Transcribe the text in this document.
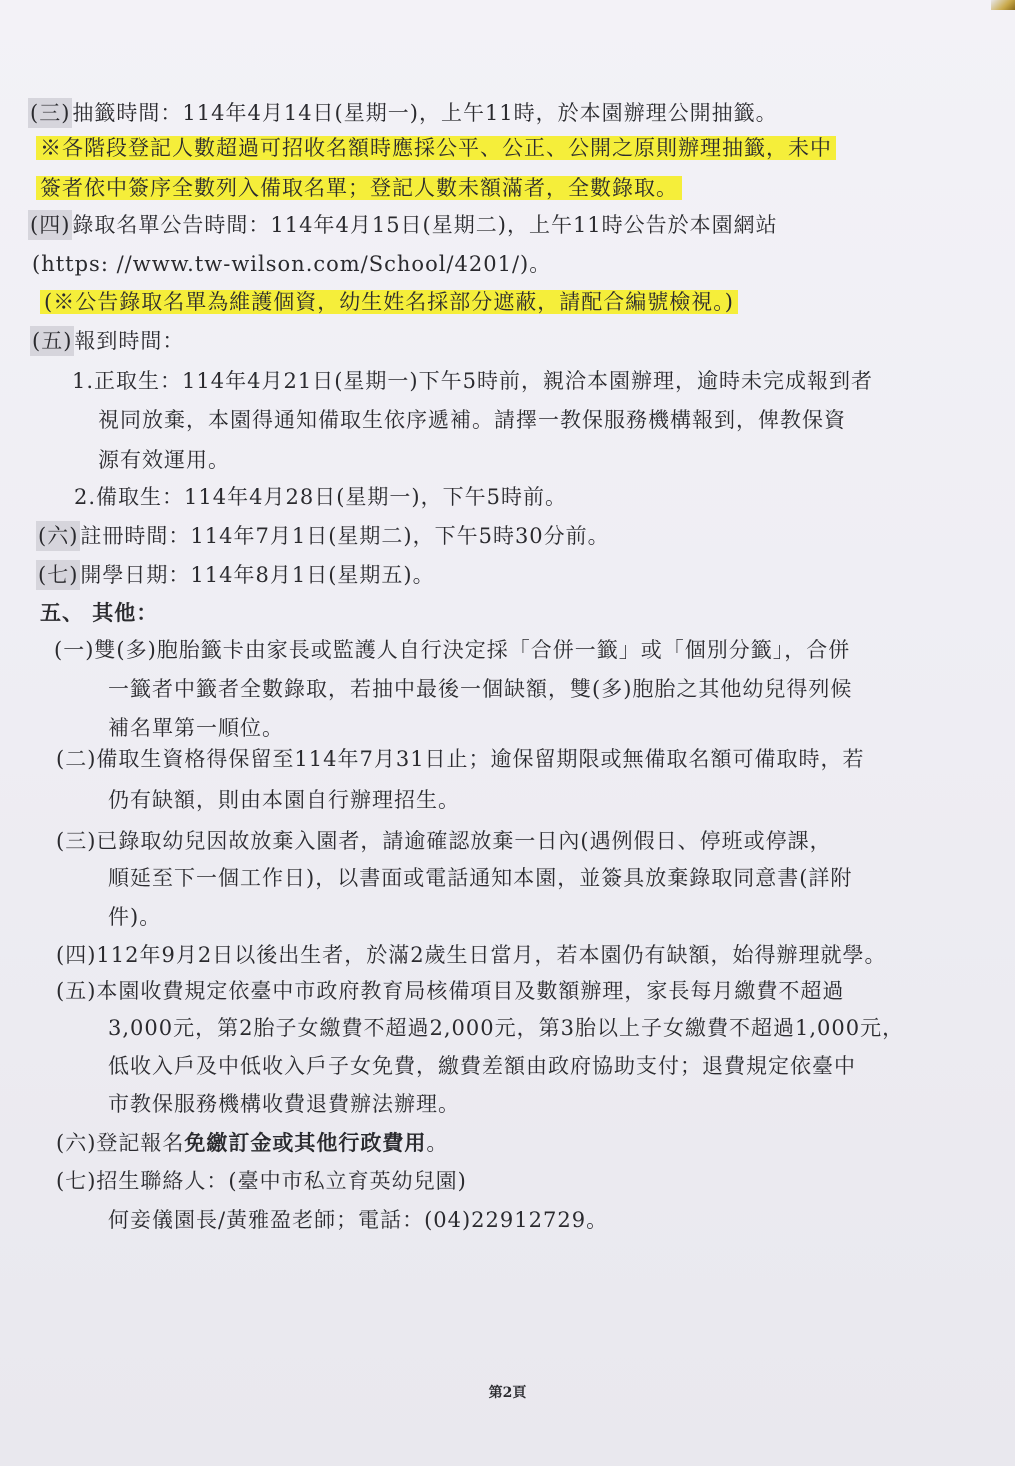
(三)抽籤時間：114年4月14日(星期一)，上午11時，於本園辦理公開抽籤。
※各階段登記人數超過可招收名額時應採公平、公正、公開之原則辦理抽籤，未中
簽者依中簽序全數列入備取名單；登記人數未額滿者，全數錄取。
(四)錄取名單公告時間：114年4月15日(星期二)，上午11時公告於本園網站
(https: //www.tw-wilson.com/School/4201/)。
(※公告錄取名單為維護個資，幼生姓名採部分遮蔽，請配合編號檢視。)
(五)報到時間：
1.正取生：114年4月21日(星期一)下午5時前，親洽本園辦理，逾時未完成報到者
視同放棄，本園得通知備取生依序遞補。請擇一教保服務機構報到，俾教保資
源有效運用。
2.備取生：114年4月28日(星期一)，下午5時前。
(六)註冊時間：114年7月1日(星期二)，下午5時30分前。
(七)開學日期：114年8月1日(星期五)。
五、 其他：
(一)雙(多)胞胎籤卡由家長或監護人自行決定採「合併一籤」或「個別分籤」，合併
一籤者中籤者全數錄取，若抽中最後一個缺額，雙(多)胞胎之其他幼兒得列候
補名單第一順位。
(二)備取生資格得保留至114年7月31日止；逾保留期限或無備取名額可備取時，若
仍有缺額，則由本園自行辦理招生。
(三)已錄取幼兒因故放棄入園者，請逾確認放棄一日內(遇例假日、停班或停課，
順延至下一個工作日)，以書面或電話通知本園，並簽具放棄錄取同意書(詳附
件)。
(四)112年9月2日以後出生者，於滿2歲生日當月，若本園仍有缺額，始得辦理就學。
(五)本園收費規定依臺中市政府教育局核備項目及數額辦理，家長每月繳費不超過
3,000元，第2胎子女繳費不超過2,000元，第3胎以上子女繳費不超過1,000元，
低收入戶及中低收入戶子女免費，繳費差額由政府協助支付；退費規定依臺中
市教保服務機構收費退費辦法辦理。
(六)登記報名免繳訂金或其他行政費用。
(七)招生聯絡人：(臺中市私立育英幼兒園)
何妾儀園長/黃雅盈老師；電話：(04)22912729。
第2頁
